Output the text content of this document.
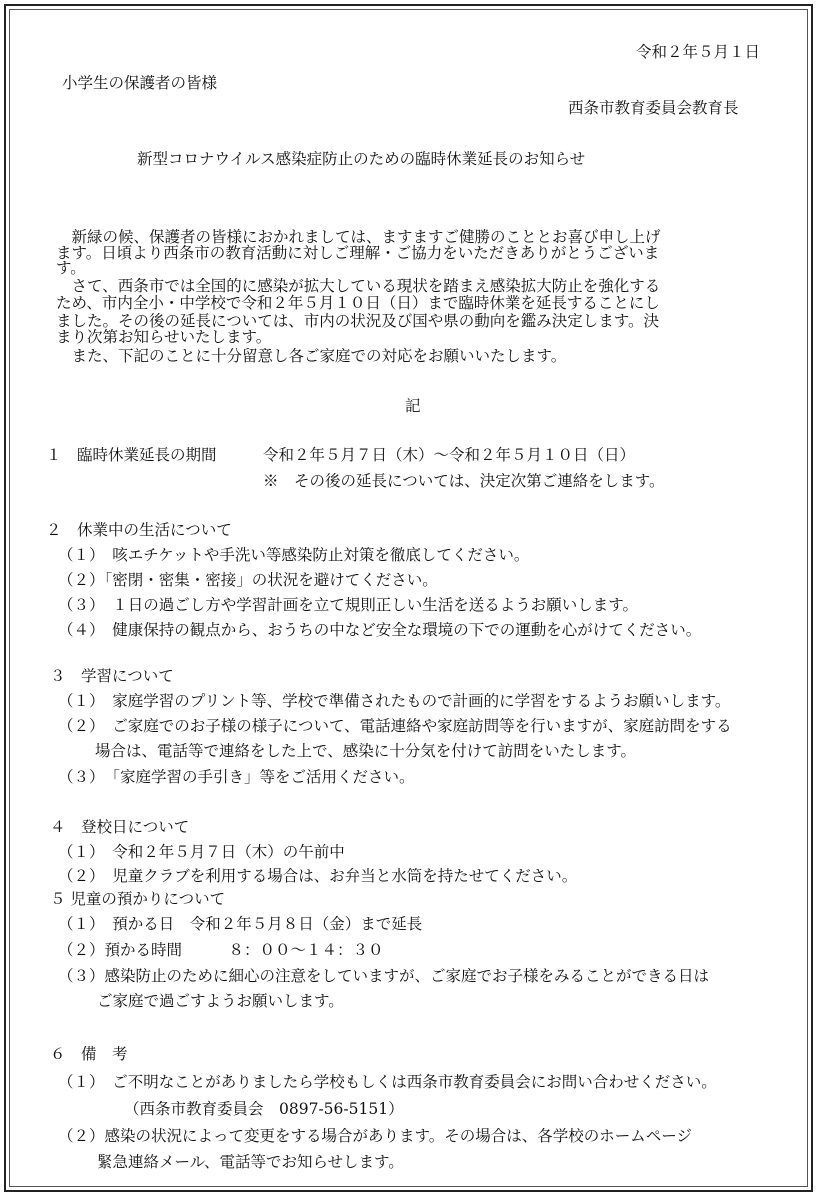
令和２年５月１日
小学生の保護者の皆様
西条市教育委員会教育長
新型コロナウイルス感染症防止のための臨時休業延長のお知らせ
　新緑の候、保護者の皆様におかれましては、ますますご健勝のこととお喜び申し上げ
ます。日頃より西条市の教育活動に対しご理解・ご協力をいただきありがとうございま
す。
　さて、西条市では全国的に感染が拡大している現状を踏まえ感染拡大防止を強化する
ため、市内全小・中学校で令和２年５月１０日（日）まで臨時休業を延長することにし
ました。その後の延長については、市内の状況及び国や県の動向を鑑み決定します。決
まり次第お知らせいたします。
　また、下記のことに十分留意し各ご家庭での対応をお願いいたします。
記
１　臨時休業延長の期間	令和２年５月７日（木）〜令和２年５月１０日（日）
※　その後の延長については、決定次第ご連絡をします。
２　休業中の生活について
（１）　咳エチケットや手洗い等感染防止対策を徹底してください。
（２）「密閉・密集・密接」の状況を避けてください。
（３）　１日の過ごし方や学習計画を立て規則正しい生活を送るようお願いします。
（４）　健康保持の観点から、おうちの中など安全な環境の下での運動を心がけてください。
３　学習について
（１）　家庭学習のプリント等、学校で準備されたもので計画的に学習をするようお願いします。
（２）　ご家庭でのお子様の様子について、電話連絡や家庭訪問等を行いますが、家庭訪問をする
場合は、電話等で連絡をした上で、感染に十分気を付けて訪問をいたします。
（３）　「家庭学習の手引き」等をご活用ください。
４　登校日について
（１）　令和２年５月７日（木）の午前中
（２）　児童クラブを利用する場合は、お弁当と水筒を持たせてください。
５ 児童の預かりについて
（１）　預かる日　令和２年５月８日（金）まで延長
（２）預かる時間　　　８：００〜１４：３０
（３）感染防止のために細心の注意をしていますが、ご家庭でお子様をみることができる日は
ご家庭で過ごすようお願いします。
６　備　考
（１）　ご不明なことがありましたら学校もしくは西条市教育委員会にお問い合わせください。
（西条市教育委員会　0897-56-5151）
（２）感染の状況によって変更をする場合があります。その場合は、各学校のホームページ
緊急連絡メール、電話等でお知らせします。
